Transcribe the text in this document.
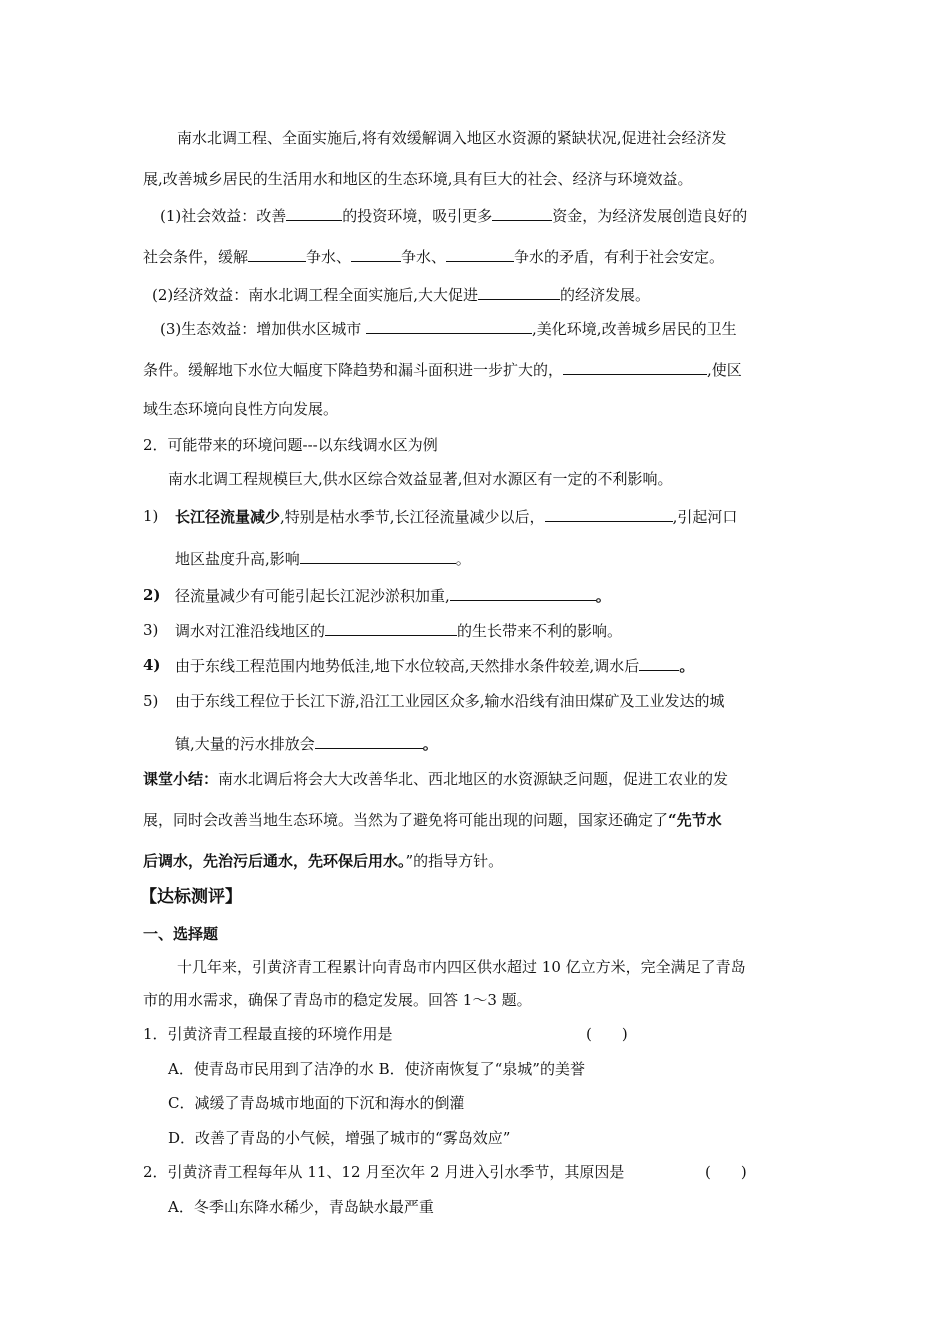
南水北调工程、全面实施后,将有效缓解调入地区水资源的紧缺状况,促进社会经济发
展,改善城乡居民的生活用水和地区的生态环境,具有巨大的社会、经济与环境效益。
(1)社会效益：改善	的投资环境，吸引更多	资金，为经济发展创造良好的
社会条件，缓解	争水、	争水、	争水的矛盾，有利于社会安定。
(2)经济效益：南水北调工程全面实施后,大大促进	的经济发展。
(3)生态效益：增加供水区城市	,美化环境,改善城乡居民的卫生
条件。缓解地下水位大幅度下降趋势和漏斗面积进一步扩大的，	,使区
域生态环境向良性方向发展。
2．可能带来的环境问题---以东线调水区为例
南水北调工程规模巨大,供水区综合效益显著,但对水源区有一定的不利影响。
1) 长江径流量减少,特别是枯水季节,长江径流量减少以后，	,引起河口
地区盐度升高,影响	。
2) 径流量减少有可能引起长江泥沙淤积加重,	。
3) 调水对江淮沿线地区的	的生长带来不利的影响。
4) 由于东线工程范围内地势低洼,地下水位较高,天然排水条件较差,调水后	。
5) 由于东线工程位于长江下游,沿江工业园区众多,输水沿线有油田煤矿及工业发达的城
镇,大量的污水排放会	。
课堂小结：南水北调后将会大大改善华北、西北地区的水资源缺乏问题，促进工农业的发
展，同时会改善当地生态环境。当然为了避免将可能出现的问题，国家还确定了“先节水
后调水，先治污后通水，先环保后用水。”的指导方针。
【达标测评】
一、选择题
十几年来，引黄济青工程累计向青岛市内四区供水超过 10 亿立方米，完全满足了青岛
市的用水需求，确保了青岛市的稳定发展。回答 1～3 题。
1．引黄济青工程最直接的环境作用是	(　　)
A．使青岛市民用到了洁净的水 B．使济南恢复了“泉城”的美誉
C．减缓了青岛城市地面的下沉和海水的倒灌
D．改善了青岛的小气候，增强了城市的“雾岛效应”
2．引黄济青工程每年从 11、12 月至次年 2 月进入引水季节，其原因是	(　　)
A．冬季山东降水稀少，青岛缺水最严重
